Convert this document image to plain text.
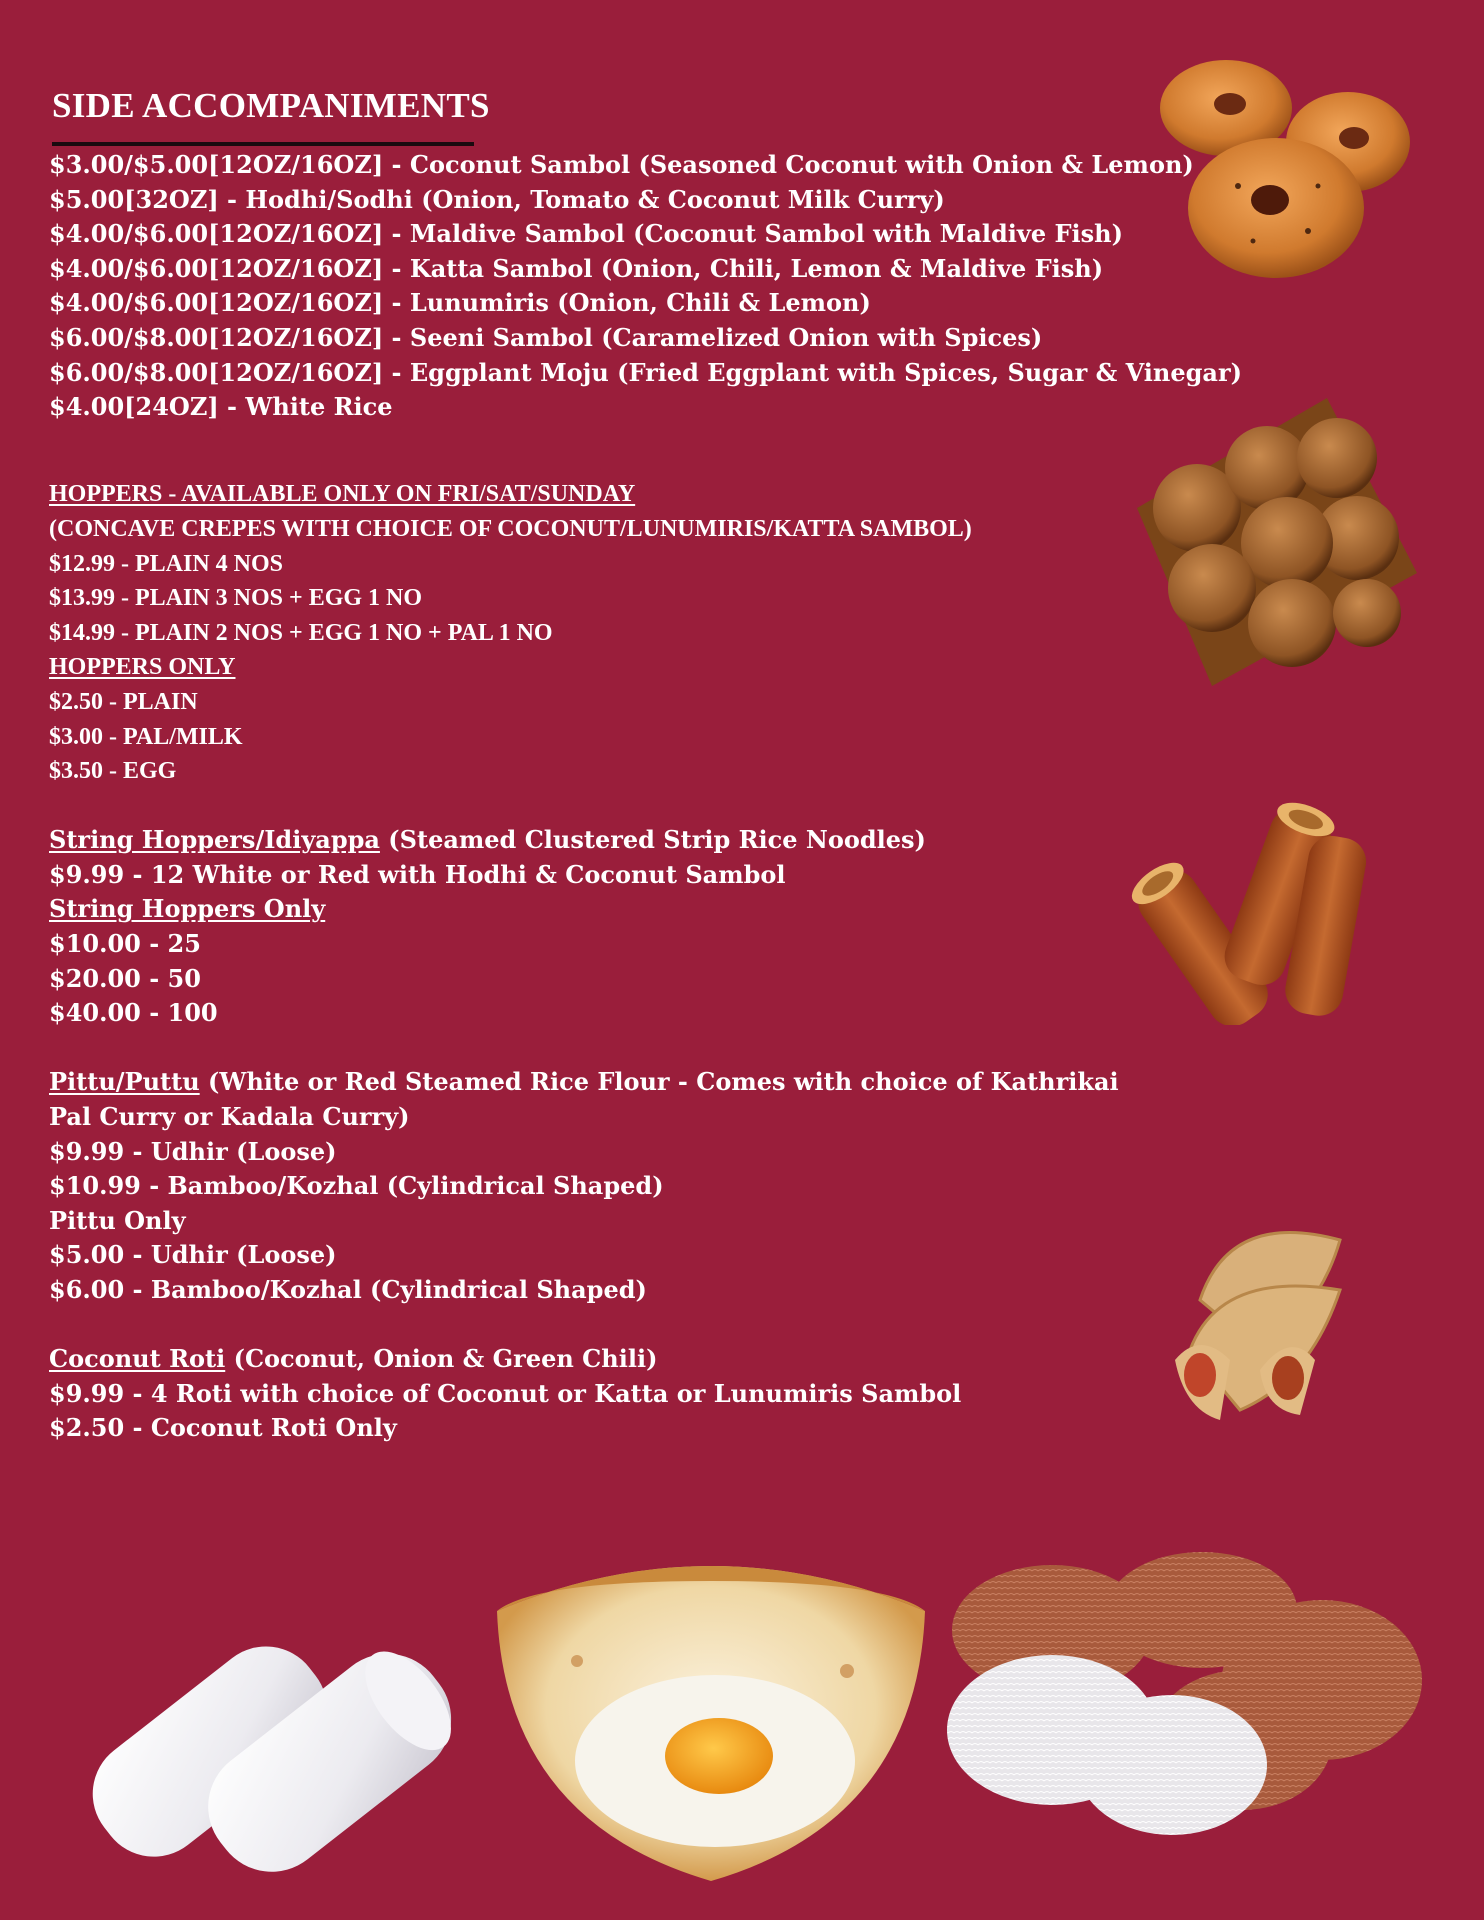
SIDE ACCOMPANIMENTS
$3.00/$5.00[12OZ/16OZ] - Coconut Sambol (Seasoned Coconut with Onion & Lemon)
$5.00[32OZ] - Hodhi/Sodhi (Onion, Tomato & Coconut Milk Curry)
$4.00/$6.00[12OZ/16OZ] - Maldive Sambol (Coconut Sambol with Maldive Fish)
$4.00/$6.00[12OZ/16OZ] - Katta Sambol (Onion, Chili, Lemon & Maldive Fish)
$4.00/$6.00[12OZ/16OZ] - Lunumiris (Onion, Chili & Lemon)
$6.00/$8.00[12OZ/16OZ] - Seeni Sambol (Caramelized Onion with Spices)
$6.00/$8.00[12OZ/16OZ] - Eggplant Moju (Fried Eggplant with Spices, Sugar & Vinegar)
$4.00[24OZ] - White Rice
HOPPERS - AVAILABLE ONLY ON FRI/SAT/SUNDAY
(CONCAVE CREPES WITH CHOICE OF COCONUT/LUNUMIRIS/KATTA SAMBOL)
$12.99 - PLAIN 4 NOS
$13.99 - PLAIN 3 NOS + EGG 1 NO
$14.99 - PLAIN 2 NOS + EGG 1 NO + PAL 1 NO
HOPPERS ONLY
$2.50 - PLAIN
$3.00 - PAL/MILK
$3.50 - EGG
String Hoppers/Idiyappa (Steamed Clustered Strip Rice Noodles)
$9.99 - 12 White or Red with Hodhi & Coconut Sambol
String Hoppers Only
$10.00 - 25
$20.00 - 50
$40.00 - 100
Pittu/Puttu (White or Red Steamed Rice Flour - Comes with choice of Kathrikai
Pal Curry or Kadala Curry)
$9.99 - Udhir (Loose)
$10.99 - Bamboo/Kozhal (Cylindrical Shaped)
Pittu Only
$5.00 - Udhir (Loose)
$6.00 - Bamboo/Kozhal (Cylindrical Shaped)
Coconut Roti (Coconut, Onion & Green Chili)
$9.99 - 4 Roti with choice of Coconut or Katta or Lunumiris Sambol
$2.50 - Coconut Roti Only
